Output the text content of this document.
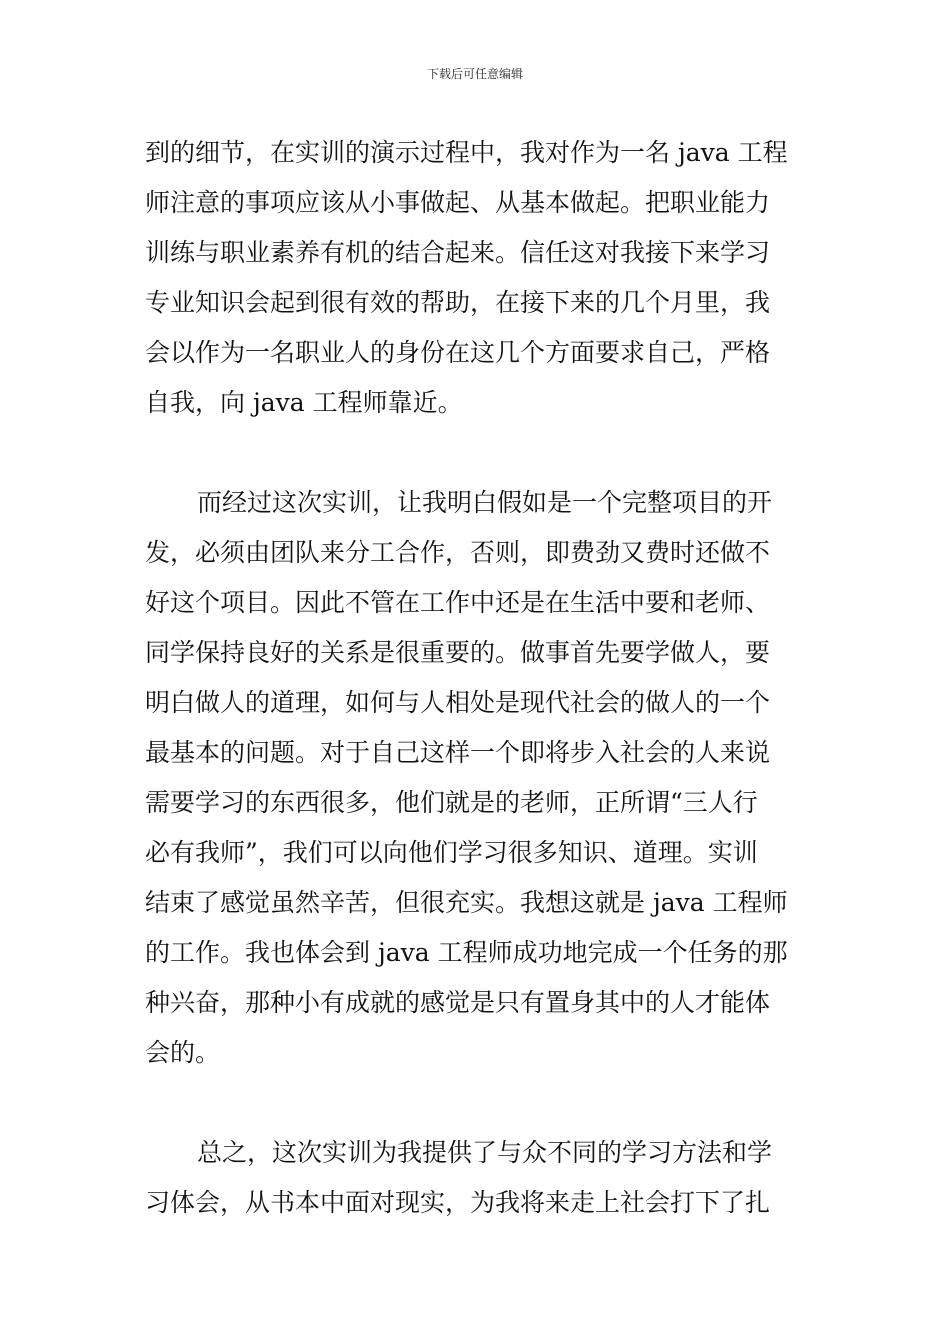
下载后可任意编辑
到的细节，在实训的演示过程中，我对作为一名 java 工程
师注意的事项应该从小事做起、从基本做起。把职业能力
训练与职业素养有机的结合起来。信任这对我接下来学习
专业知识会起到很有效的帮助，在接下来的几个月里，我
会以作为一名职业人的身份在这几个方面要求自己，严格
自我，向 java 工程师靠近。
而经过这次实训，让我明白假如是一个完整项目的开
发，必须由团队来分工合作，否则，即费劲又费时还做不
好这个项目。因此不管在工作中还是在生活中要和老师、
同学保持良好的关系是很重要的。做事首先要学做人，要
明白做人的道理，如何与人相处是现代社会的做人的一个
最基本的问题。对于自己这样一个即将步入社会的人来说
需要学习的东西很多，他们就是的老师，正所谓“三人行
必有我师”，我们可以向他们学习很多知识、道理。实训
结束了感觉虽然辛苦，但很充实。我想这就是 java 工程师
的工作。我也体会到 java 工程师成功地完成一个任务的那
种兴奋，那种小有成就的感觉是只有置身其中的人才能体
会的。
总之，这次实训为我提供了与众不同的学习方法和学
习体会，从书本中面对现实，为我将来走上社会打下了扎
